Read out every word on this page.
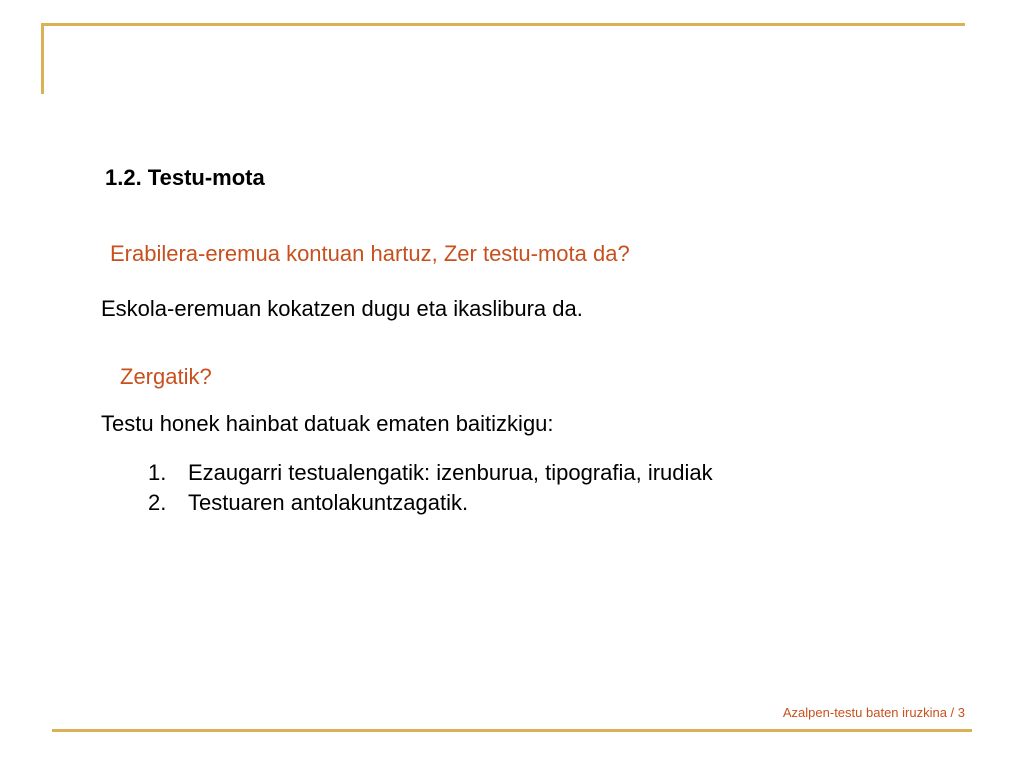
1.2. Testu-mota
Erabilera-eremua kontuan hartuz, Zer testu-mota da?
Eskola-eremuan kokatzen dugu eta ikaslibura da.
Zergatik?
Testu honek hainbat datuak ematen baitizkigu:
1. Ezaugarri testualengatik: izenburua, tipografia, irudiak
2. Testuaren antolakuntzagatik.
Azalpen-testu baten iruzkina / 3
